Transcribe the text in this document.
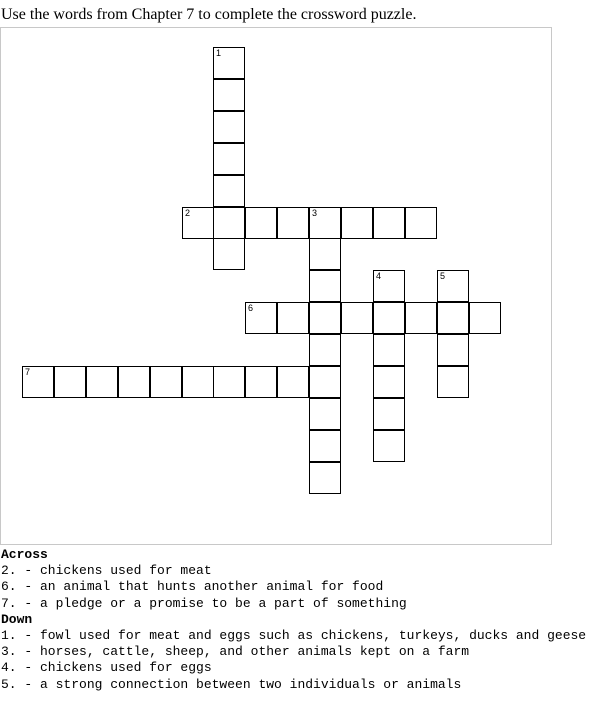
Use the words from Chapter 7 to complete the crossword puzzle.
1
2	3
4	5
6
7
Across
2. - chickens used for meat
6. - an animal that hunts another animal for food
7. - a pledge or a promise to be a part of something
Down
1. - fowl used for meat and eggs such as chickens, turkeys, ducks and geese
3. - horses, cattle, sheep, and other animals kept on a farm
4. - chickens used for eggs
5. - a strong connection between two individuals or animals
